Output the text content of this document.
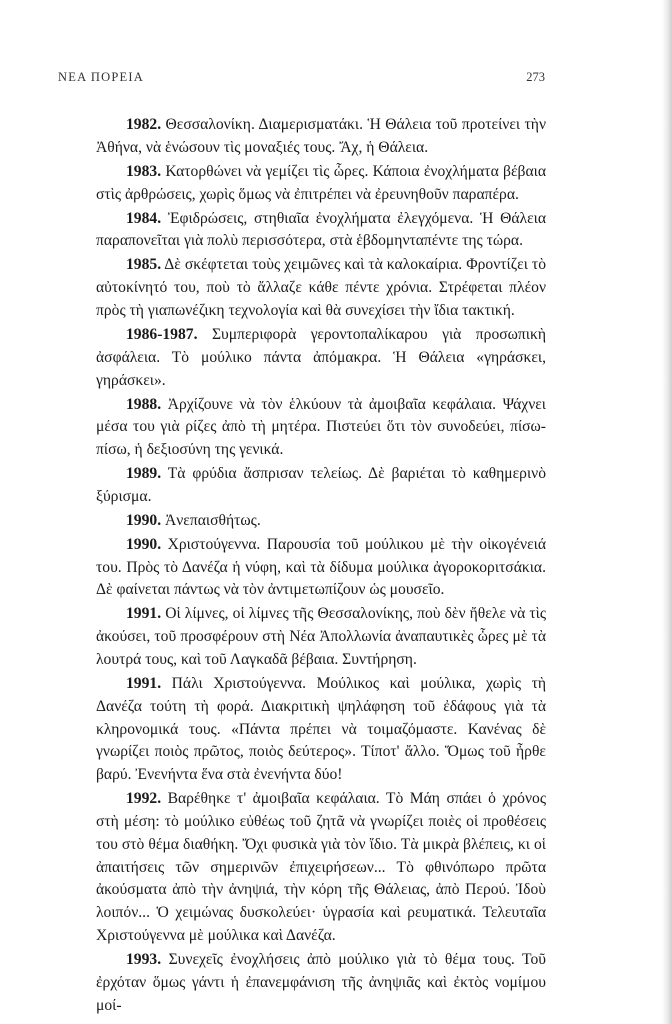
ΝΕΑ ΠΟΡΕΙΑ	273

1982. Θεσσαλονίκη. Διαμερισματάκι. Ἡ Θάλεια τοῦ προτείνει τὴν Ἀθήνα, νὰ ἑνώσουν τὶς μοναξιές τους. Ἄχ, ἡ Θάλεια.

1983. Κατορθώνει νὰ γεμίζει τὶς ὧρες. Κάποια ἐνοχλήματα βέβαια στὶς ἀρθρώσεις, χωρὶς ὅμως νὰ ἐπιτρέπει νὰ ἐρευνηθοῦν παραπέρα.

1984. Ἐφιδρώσεις, στηθιαῖα ἐνοχλήματα ἐλεγχόμενα. Ἡ Θάλεια παραπονεῖται γιὰ πολὺ περισσότερα, στὰ ἑβδομηνταπέντε της τώρα.

1985. Δὲ σκέφτεται τοὺς χειμῶνες καὶ τὰ καλοκαίρια. Φροντίζει τὸ αὐτοκίνητό του, ποὺ τὸ ἄλλαζε κάθε πέντε χρόνια. Στρέφεται πλέον πρὸς τὴ γιαπωνέζικη τεχνολογία καὶ θὰ συνεχίσει τὴν ἴδια τακτική.

1986-1987. Συμπεριφορὰ γεροντοπαλίκαρου γιὰ προσωπικὴ ἀσφάλεια. Τὸ μούλικο πάντα ἀπόμακρα. Ἡ Θάλεια «γηράσκει, γηράσκει».

1988. Ἀρχίζουνε νὰ τὸν ἑλκύουν τὰ ἀμοιβαῖα κεφάλαια. Ψάχνει μέσα του γιὰ ρίζες ἀπὸ τὴ μητέρα. Πιστεύει ὅτι τὸν συνοδεύει, πίσω-πίσω, ἡ δεξιοσύνη της γενικά.

1989. Τὰ φρύδια ἄσπρισαν τελείως. Δὲ βαριέται τὸ καθημερινὸ ξύρισμα.

1990. Ἀνεπαισθήτως.

1990. Χριστούγεννα. Παρουσία τοῦ μούλικου μὲ τὴν οἰκογένειά του. Πρὸς τὸ Δανέζα ἡ νύφη, καὶ τὰ δίδυμα μούλικα ἀγοροκοριτσάκια. Δὲ φαίνεται πάντως νὰ τὸν ἀντιμετωπίζουν ὡς μουσεῖο.

1991. Οἱ λίμνες, οἱ λίμνες τῆς Θεσσαλονίκης, ποὺ δὲν ἤθελε νὰ τὶς ἀκούσει, τοῦ προσφέρουν στὴ Νέα Ἀπολλωνία ἀναπαυτικὲς ὧρες μὲ τὰ λουτρά τους, καὶ τοῦ Λαγκαδᾶ βέβαια. Συντήρηση.

1991. Πάλι Χριστούγεννα. Μούλικος καὶ μούλικα, χωρὶς τὴ Δανέζα τούτη τὴ φορά. Διακριτικὴ ψηλάφηση τοῦ ἐδάφους γιὰ τὰ κληρονομικά τους. «Πάντα πρέπει νὰ τοιμαζόμαστε. Κανένας δὲ γνωρίζει ποιὸς πρῶτος, ποιὸς δεύτερος». Τίποτ' ἄλλο. Ὅμως τοῦ ἦρθε βαρύ. Ἐνενήντα ἕνα στὰ ἐνενήντα δύο!

1992. Βαρέθηκε τ' ἀμοιβαῖα κεφάλαια. Τὸ Μάη σπάει ὁ χρόνος στὴ μέση: τὸ μούλικο εὐθέως τοῦ ζητᾶ νὰ γνωρίζει ποιὲς οἱ προθέσεις του στὸ θέμα διαθήκη. Ὄχι φυσικὰ γιὰ τὸν ἴδιο. Τὰ μικρὰ βλέπεις, κι οἱ ἀπαιτήσεις τῶν σημερινῶν ἐπιχειρήσεων... Τὸ φθινόπωρο πρῶτα ἀκούσματα ἀπὸ τὴν ἀνηψιά, τὴν κόρη τῆς Θάλειας, ἀπὸ Περού. Ἰδοὺ λοιπόν... Ὁ χειμώνας δυσκολεύει· ὑγρασία καὶ ρευματικά. Τελευταῖα Χριστούγεννα μὲ μούλικα καὶ Δανέζα.

1993. Συνεχεῖς ἐνοχλήσεις ἀπὸ μούλικο γιὰ τὸ θέμα τους. Τοῦ ἐρχόταν ὅμως γάντι ἡ ἐπανεμφάνιση τῆς ἀνηψιᾶς καὶ ἐκτὸς νομίμου μοί-
